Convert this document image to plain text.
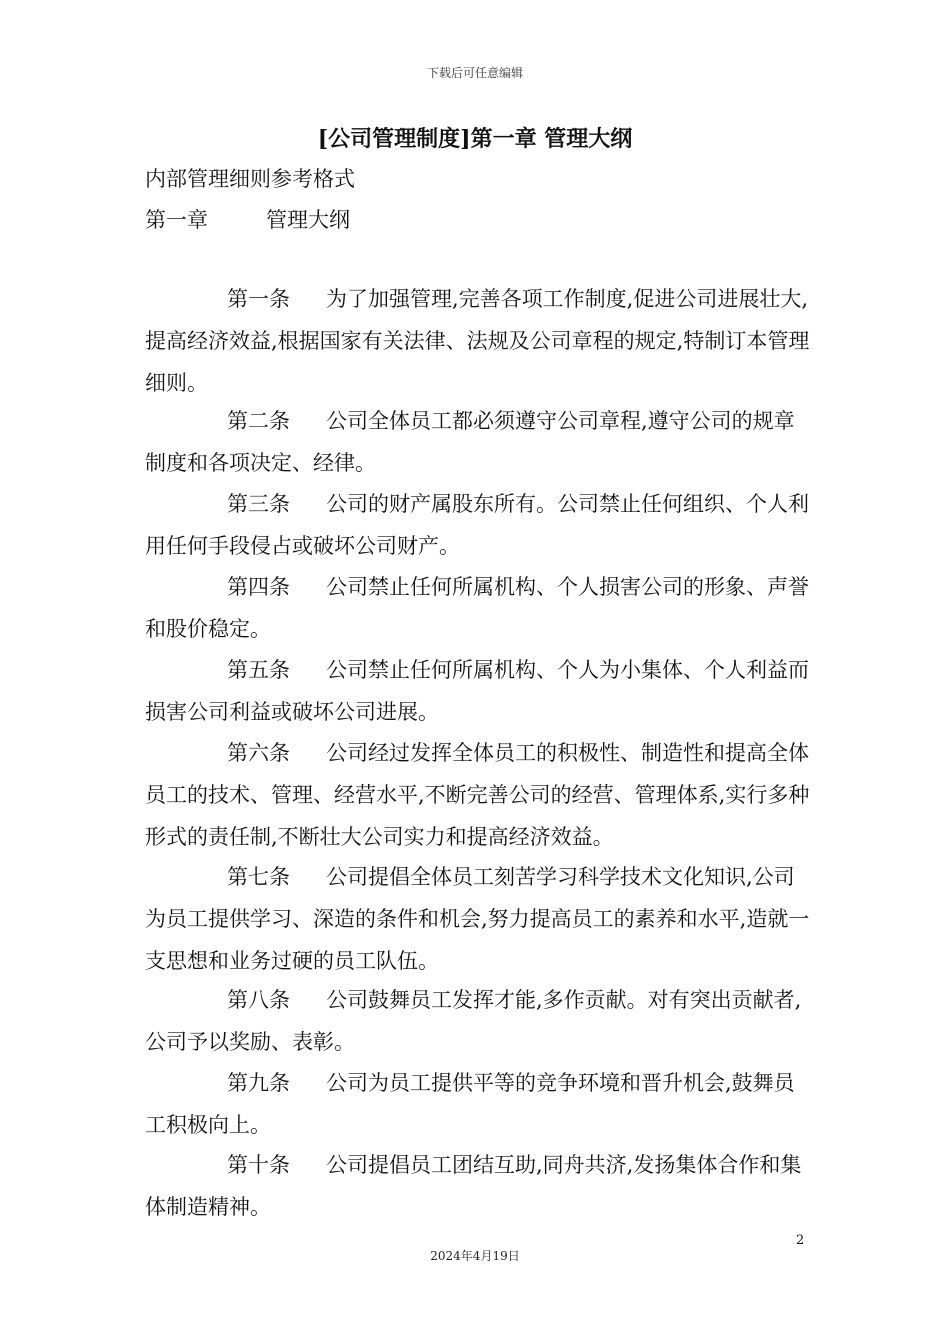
下载后可任意编辑
[公司管理制度]第一章 管理大纲
内部管理细则参考格式
第一章	管理大纲
第一条 为了加强管理,完善各项工作制度,促进公司进展壮大,提高经济效益,根据国家有关法律、法规及公司章程的规定,特制订本管理细则。
第二条 公司全体员工都必须遵守公司章程,遵守公司的规章制度和各项决定、经律。
第三条 公司的财产属股东所有。公司禁止任何组织、个人利用任何手段侵占或破坏公司财产。
第四条 公司禁止任何所属机构、个人损害公司的形象、声誉和股价稳定。
第五条 公司禁止任何所属机构、个人为小集体、个人利益而损害公司利益或破坏公司进展。
第六条 公司经过发挥全体员工的积极性、制造性和提高全体员工的技术、管理、经营水平,不断完善公司的经营、管理体系,实行多种形式的责任制,不断壮大公司实力和提高经济效益。
第七条 公司提倡全体员工刻苦学习科学技术文化知识,公司为员工提供学习、深造的条件和机会,努力提高员工的素养和水平,造就一支思想和业务过硬的员工队伍。
第八条 公司鼓舞员工发挥才能,多作贡献。对有突出贡献者,公司予以奖励、表彰。
第九条 公司为员工提供平等的竞争环境和晋升机会,鼓舞员工积极向上。
第十条 公司提倡员工团结互助,同舟共济,发扬集体合作和集体制造精神。
2
2024年4月19日
